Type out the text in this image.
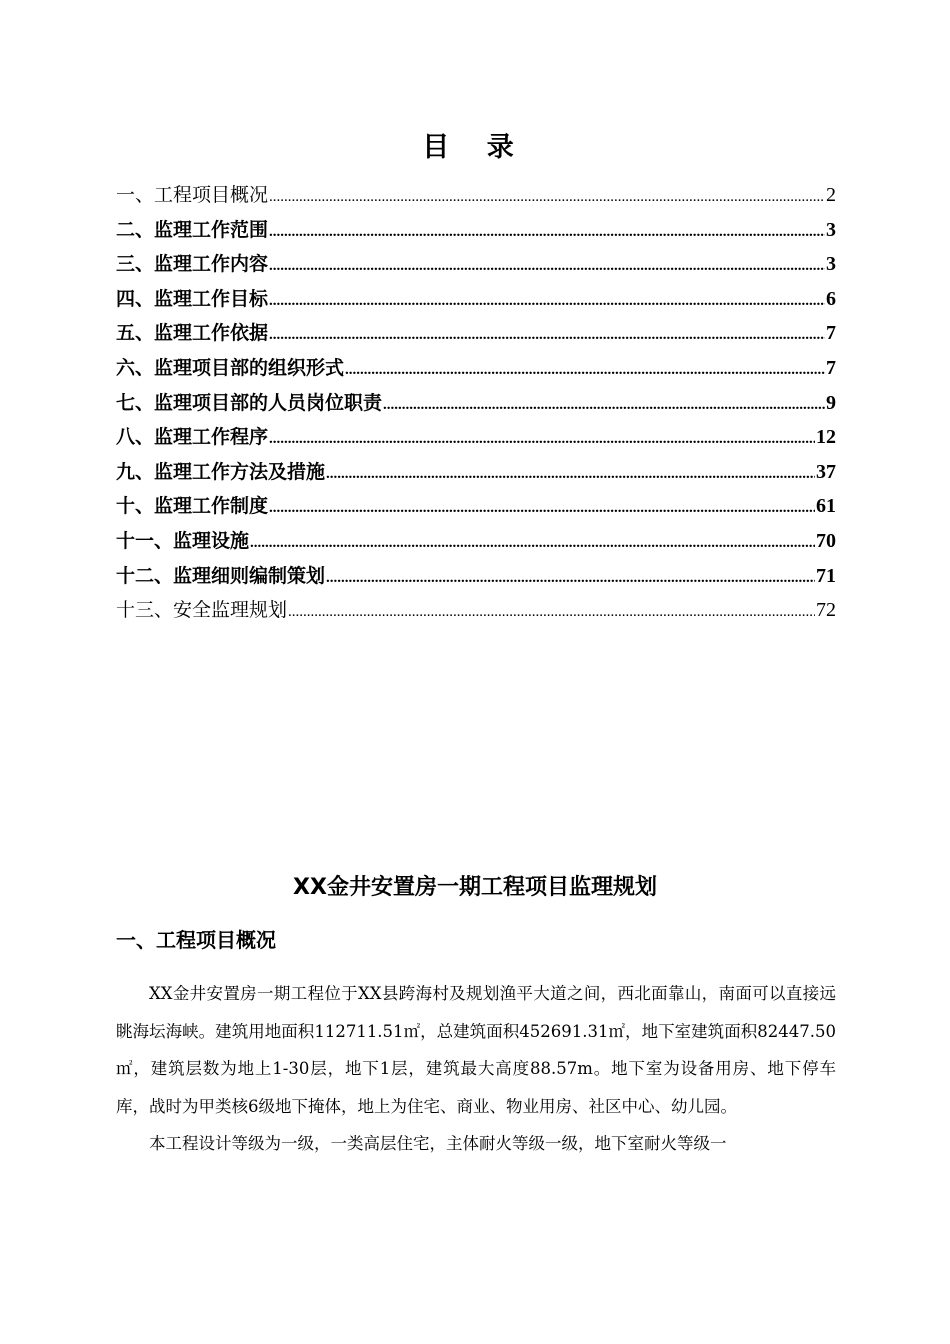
目 录
一、工程项目概况 .....	2
二、监理工作范围 .....	3
三、监理工作内容 .....	3
四、监理工作目标 .....	6
五、监理工作依据 .....	7
六、监理项目部的组织形式 .....	7
七、监理项目部的人员岗位职责 .....	9
八、监理工作程序 .....	12
九、监理工作方法及措施 .....	37
十、监理工作制度 .....	61
十一、监理设施 .....	70
十二、监理细则编制策划 .....	71
十三、安全监理规划 .....	72
XX金井安置房一期工程项目监理规划
一、工程项目概况

XX金井安置房一期工程位于XX县跨海村及规划渔平大道之间，西北面靠山，南面可以直接远眺海坛海峡。建筑用地面积112711.51㎡，总建筑面积452691.31㎡，地下室建筑面积82447.50㎡，建筑层数为地上1-30层，地下1层，建筑最大高度88.57m。地下室为设备用房、地下停车库，战时为甲类核6级地下掩体，地上为住宅、商业、物业用房、社区中心、幼儿园。

本工程设计等级为一级，一类高层住宅，主体耐火等级一级，地下室耐火等级一
